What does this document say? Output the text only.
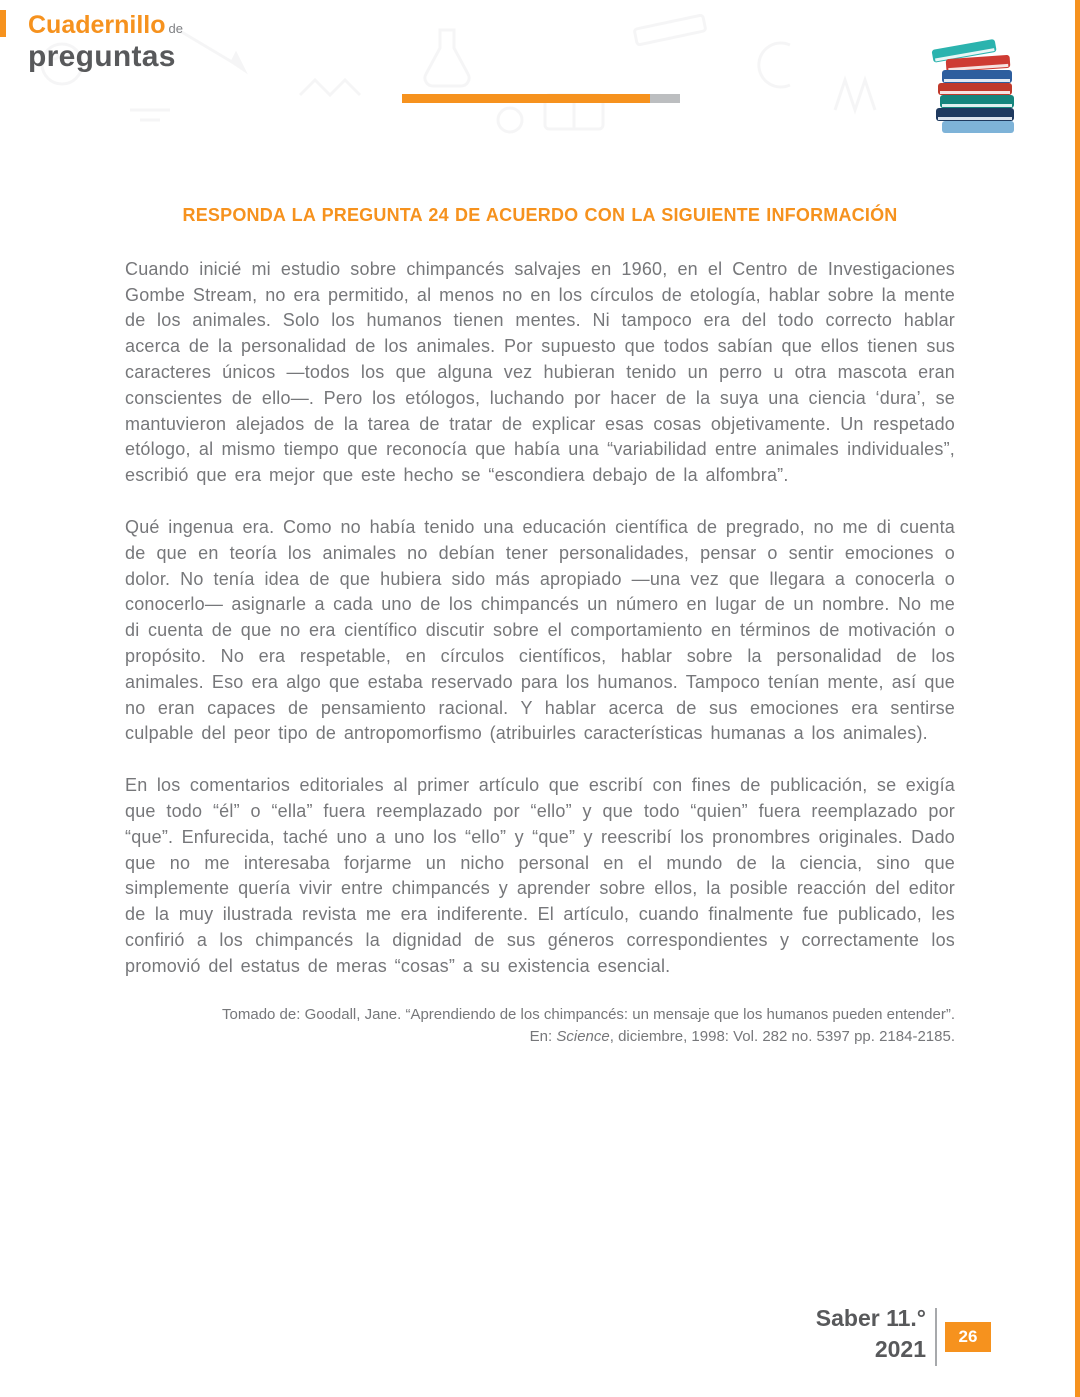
Cuadernillo de
preguntas
RESPONDA LA PREGUNTA 24 DE ACUERDO CON LA SIGUIENTE INFORMACIÓN

Cuando inicié mi estudio sobre chimpancés salvajes en 1960, en el Centro de Investigaciones Gombe Stream, no era permitido, al menos no en los círculos de etología, hablar sobre la mente de los animales. Solo los humanos tienen mentes. Ni tampoco era del todo correcto hablar acerca de la personalidad de los animales. Por supuesto que todos sabían que ellos tienen sus caracteres únicos —todos los que alguna vez hubieran tenido un perro u otra mascota eran conscientes de ello—. Pero los etólogos, luchando por hacer de la suya una ciencia ‘dura’, se mantuvieron alejados de la tarea de tratar de explicar esas cosas objetivamente. Un respetado etólogo, al mismo tiempo que reconocía que había una “variabilidad entre animales individuales”, escribió que era mejor que este hecho se “escondiera debajo de la alfombra”.

Qué ingenua era. Como no había tenido una educación científica de pregrado, no me di cuenta de que en teoría los animales no debían tener personalidades, pensar o sentir emociones o dolor. No tenía idea de que hubiera sido más apropiado —una vez que llegara a conocerla o conocerlo— asignarle a cada uno de los chimpancés un número en lugar de un nombre. No me di cuenta de que no era científico discutir sobre el comportamiento en términos de motivación o propósito. No era respetable, en círculos científicos, hablar sobre la personalidad de los animales. Eso era algo que estaba reservado para los humanos. Tampoco tenían mente, así que no eran capaces de pensamiento racional. Y hablar acerca de sus emociones era sentirse culpable del peor tipo de antropomorfismo (atribuirles características humanas a los animales).

En los comentarios editoriales al primer artículo que escribí con fines de publicación, se exigía que todo “él” o “ella” fuera reemplazado por “ello” y que todo “quien” fuera reemplazado por “que”. Enfurecida, taché uno a uno los “ello” y “que” y reescribí los pronombres originales. Dado que no me interesaba forjarme un nicho personal en el mundo de la ciencia, sino que simplemente quería vivir entre chimpancés y aprender sobre ellos, la posible reacción del editor de la muy ilustrada revista me era indiferente. El artículo, cuando finalmente fue publicado, les confirió a los chimpancés la dignidad de sus géneros correspondientes y correctamente los promovió del estatus de meras “cosas” a su existencia esencial.

Tomado de: Goodall, Jane. “Aprendiendo de los chimpancés: un mensaje que los humanos pueden entender”.
En: Science, diciembre, 1998: Vol. 282 no. 5397 pp. 2184-2185.
Saber 11.°
2021	26
